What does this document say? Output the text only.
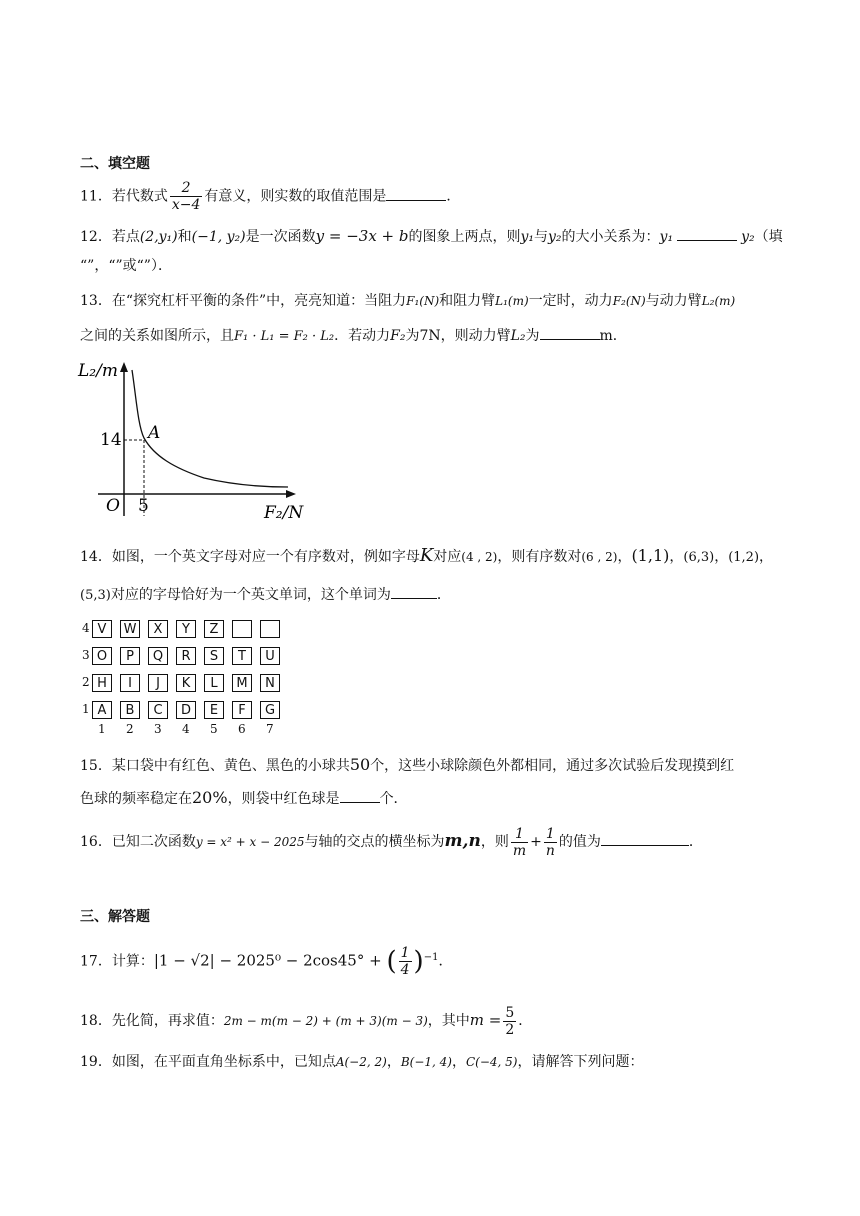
二、填空题
11．若代数式 $\frac{2}{x-4}$ 有意义，则实数的取值范围是	．
12．若点(2,y₁)和(−1, y₂)是一次函数y = −3x + b的图象上两点，则y₁与y₂的大小关系为：y₁	y₂（填
“”，“”或“”）．
13．在“探究杠杆平衡的条件”中，亮亮知道：当阻力F₁(N)和阻力臂L₁(m)一定时，动力F₂(N)与动力臂L₂(m)
之间的关系如图所示，且F₁ · L₁ = F₂ · L₂．若动力F₂为7N，则动力臂L₂为	m．
L₂/m
F₂/N
O
14
5
A
14．如图，一个英文字母对应一个有序数对，例如字母K对应(4 , 2)，则有序数对(6 , 2)，(1,1)，(6,3)，(1,2)，
(5,3)对应的字母恰好为一个英文单词，这个单词为	．
4 V	W	X	Y	Z
3 O	P	Q	R	S	T	U
2 H	I	J	K	L	M	N
1 A	B	C	D	E	F	G
1 2 3 4 5 6 7
15．某口袋中有红色、黄色、黑色的小球共50个，这些小球除颜色外都相同，通过多次试验后发现摸到红
色球的频率稳定在20%，则袋中红色球是	个．
16．已知二次函数y = x² + x − 2025与轴的交点的横坐标为m,n，则 $\frac{1}{m} + \frac{1}{n}$ 的值为	．
三、解答题
17．计算：|1 − √2| − 2025⁰ − 2cos45° + ( $\frac{1}{4} )^{-1}$．
18．先化简，再求值：2m − m(m − 2) + (m + 3)(m − 3)，其中$m = \frac{5}{2}$ ．
19．如图，在平面直角坐标系中，已知点A(−2, 2)，B(−1, 4)，C(−4, 5)，请解答下列问题：
